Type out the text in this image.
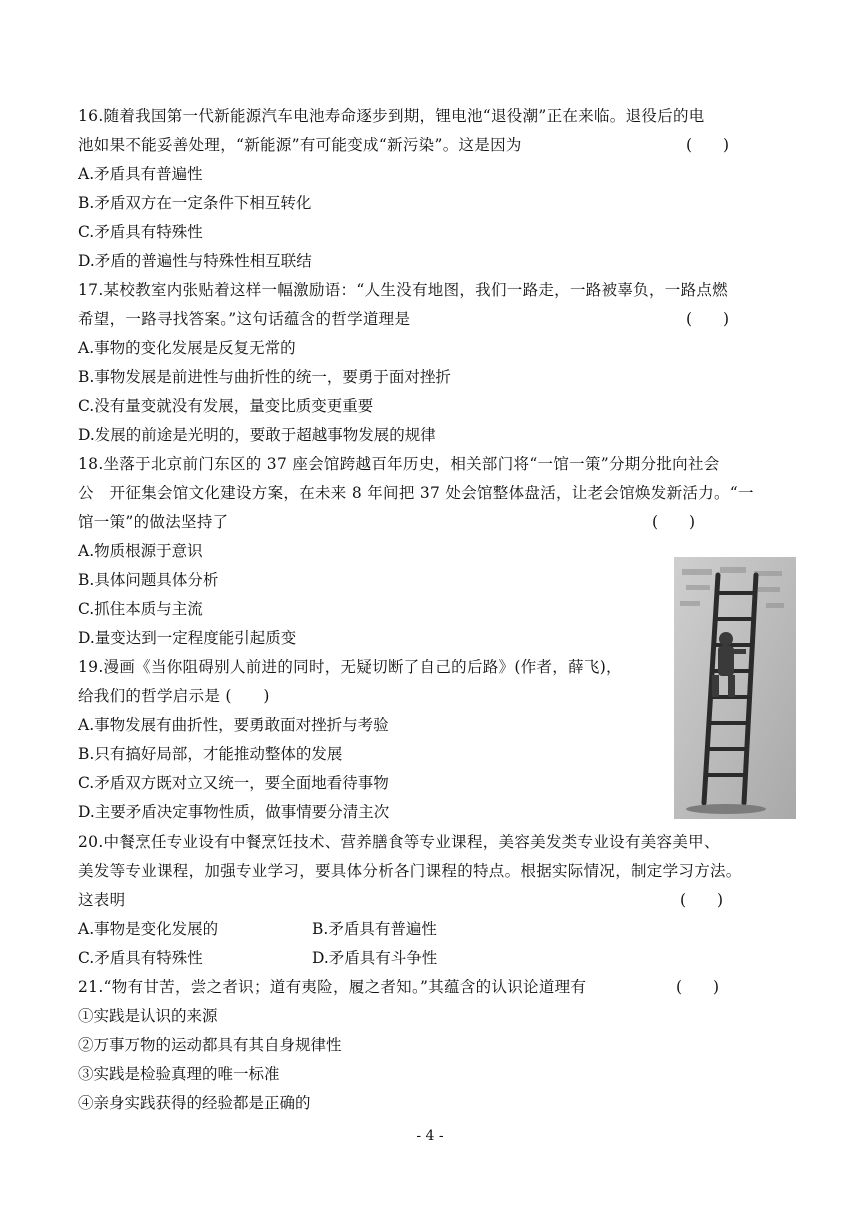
16.随着我国第一代新能源汽车电池寿命逐步到期，锂电池“退役潮”正在来临。退役后的电
池如果不能妥善处理，“新能源”有可能变成“新污染”。这是因为	(　　)
A.矛盾具有普遍性
B.矛盾双方在一定条件下相互转化
C.矛盾具有特殊性
D.矛盾的普遍性与特殊性相互联结
17.某校教室内张贴着这样一幅激励语：“人生没有地图，我们一路走，一路被辜负，一路点燃
希望，一路寻找答案。”这句话蕴含的哲学道理是	(　　)
A.事物的变化发展是反复无常的
B.事物发展是前进性与曲折性的统一，要勇于面对挫折
C.没有量变就没有发展，量变比质变更重要
D.发展的前途是光明的，要敢于超越事物发展的规律
18.坐落于北京前门东区的 37 座会馆跨越百年历史，相关部门将“一馆一策”分期分批向社会
公　开征集会馆文化建设方案，在未来 8 年间把 37 处会馆整体盘活，让老会馆焕发新活力。“一
馆一策”的做法坚持了	(　　)
A.物质根源于意识
B.具体问题具体分析
C.抓住本质与主流
D.量变达到一定程度能引起质变
19.漫画《当你阻碍别人前进的同时，无疑切断了自己的后路》(作者，薛飞)，
给我们的哲学启示是 (　　)
A.事物发展有曲折性，要勇敢面对挫折与考验
B.只有搞好局部，才能推动整体的发展
C.矛盾双方既对立又统一，要全面地看待事物
D.主要矛盾决定事物性质，做事情要分清主次
20.中餐烹任专业设有中餐烹饪技术、营养膳食等专业课程，美容美发类专业设有美容美甲、
美发等专业课程，加强专业学习，要具体分析各门课程的特点。根据实际情况，制定学习方法。
这表明	(　　)
A.事物是变化发展的	B.矛盾具有普遍性
C.矛盾具有特殊性	D.矛盾具有斗争性
21.“物有甘苦，尝之者识；道有夷险，履之者知。”其蕴含的认识论道理有	(　　)
①实践是认识的来源
②万事万物的运动都具有其自身规律性
③实践是检验真理的唯一标准
- 4 -
④亲身实践获得的经验都是正确的
